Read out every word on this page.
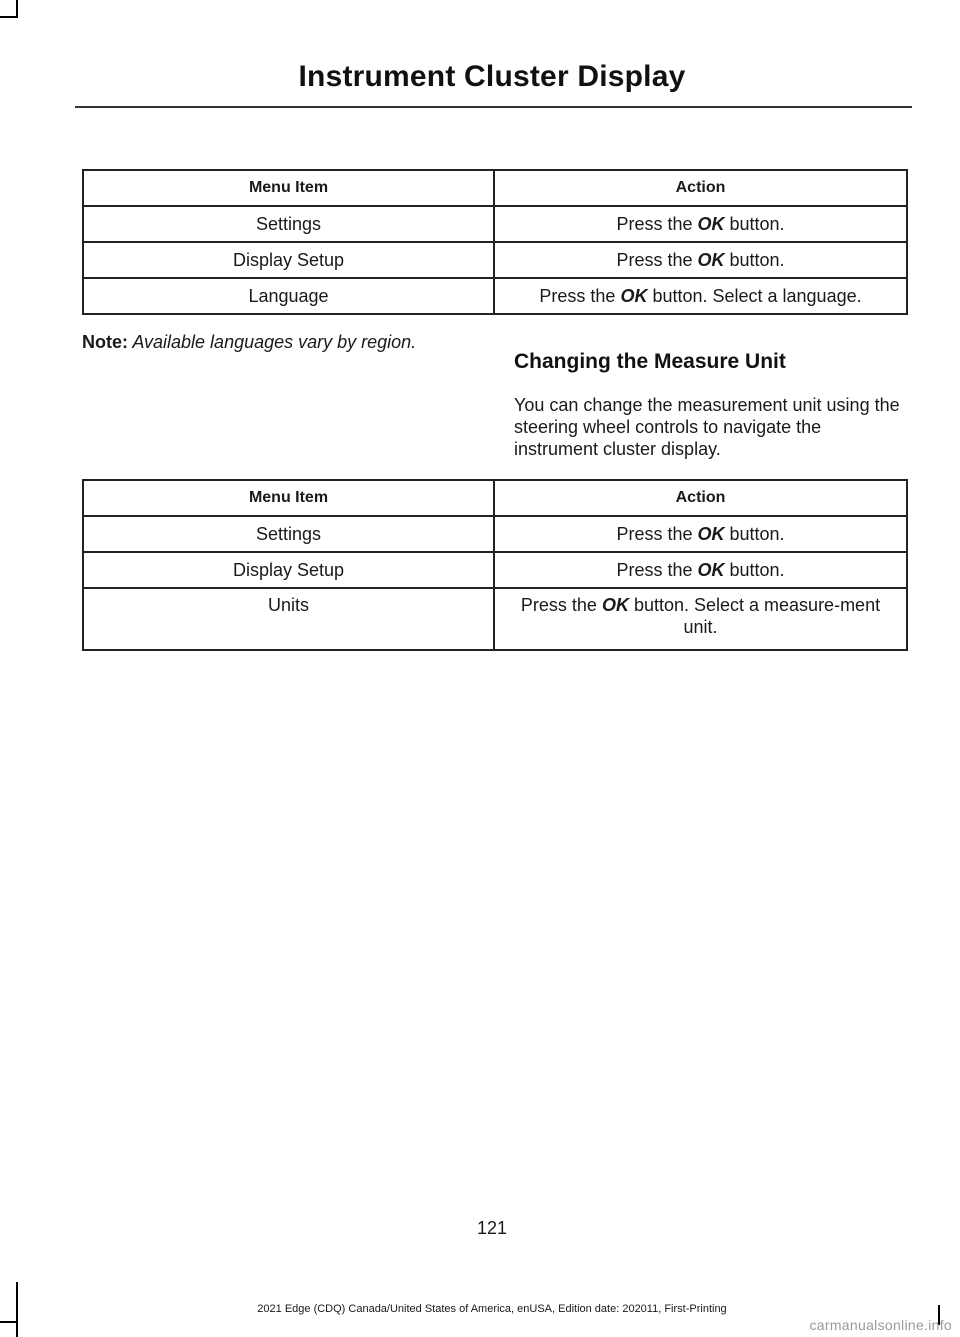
Instrument Cluster Display
Menu Item	Action
Settings	Press the OK button.
Display Setup	Press the OK button.
Language	Press the OK button. Select a language.
Note: Available languages vary by region.
Changing the Measure Unit
You can change the measurement unit using the steering wheel controls to navigate the instrument cluster display.
Menu Item	Action
Settings	Press the OK button.
Display Setup	Press the OK button.
Units	Press the OK button. Select a measure-ment unit.
121
2021 Edge (CDQ) Canada/United States of America, enUSA, Edition date: 202011, First-Printing
carmanualsonline.info
